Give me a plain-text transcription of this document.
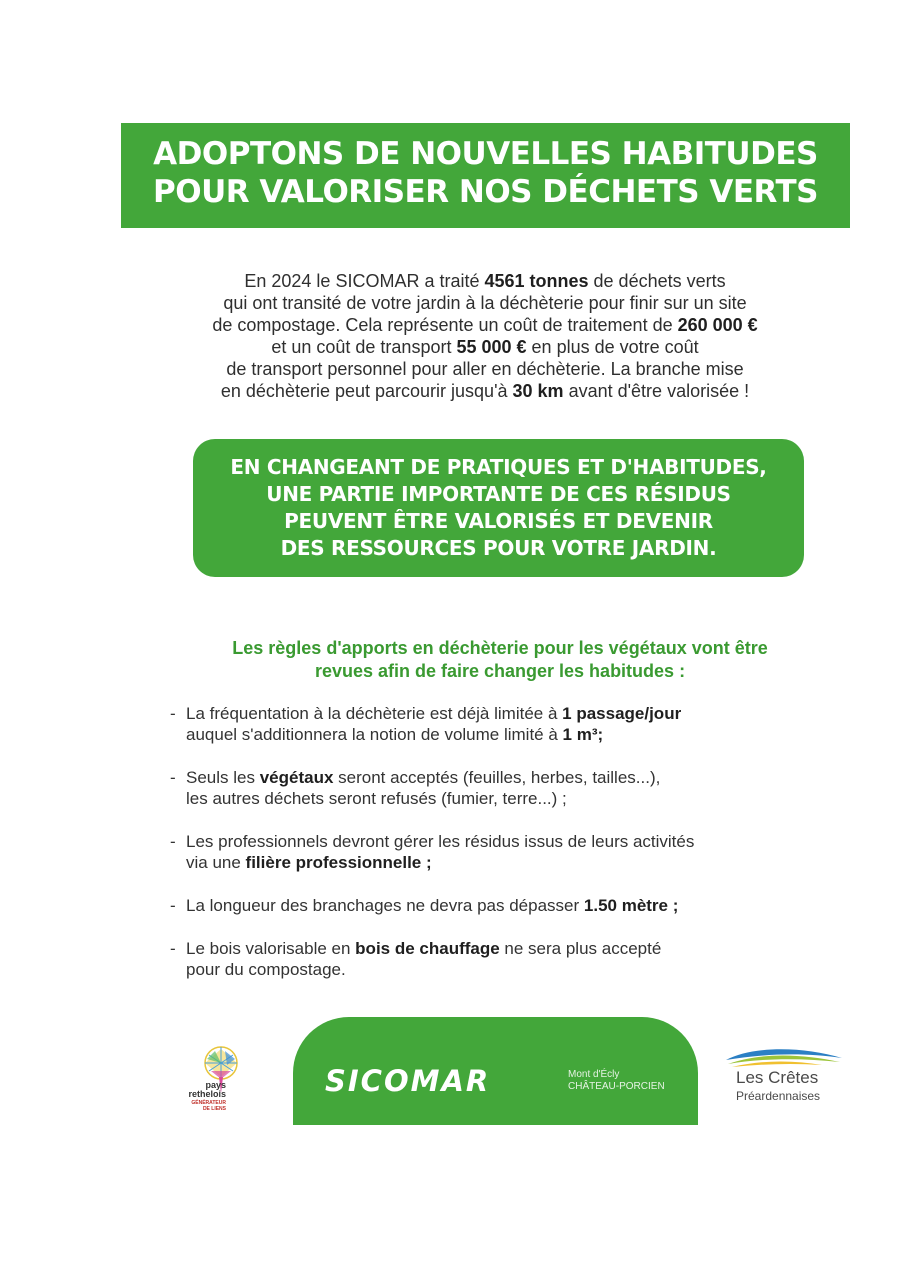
ADOPTONS DE NOUVELLES HABITUDES
POUR VALORISER NOS DÉCHETS VERTS
En 2024 le SICOMAR a traité 4561 tonnes de déchets verts
qui ont transité de votre jardin à la déchèterie pour finir sur un site
de compostage. Cela représente un coût de traitement de 260 000 €
et un coût de transport 55 000 € en plus de votre coût
de transport personnel pour aller en déchèterie. La branche mise
en déchèterie peut parcourir jusqu'à 30 km avant d'être valorisée !
EN CHANGEANT DE PRATIQUES ET D'HABITUDES,
UNE PARTIE IMPORTANTE DE CES RÉSIDUS
PEUVENT ÊTRE VALORISÉS ET DEVENIR
DES RESSOURCES POUR VOTRE JARDIN.
Les règles d'apports en déchèterie pour les végétaux vont être
revues afin de faire changer les habitudes :
- La fréquentation à la déchèterie est déjà limitée à 1 passage/jour
auquel s'additionnera la notion de volume limité à 1 m³;
- Seuls les végétaux seront acceptés (feuilles, herbes, tailles...),
les autres déchets seront refusés (fumier, terre...) ;
- Les professionnels devront gérer les résidus issus de leurs activités
via une filière professionnelle ;
- La longueur des branchages ne devra pas dépasser 1.50 mètre ;
- Le bois valorisable en bois de chauffage ne sera plus accepté
pour du compostage.
pays
rethelois
GÉNÉRATEUR
DE LIENS
SICOMAR	Mont d'Écly
CHÂTEAU-PORCIEN	Les Crêtes
Préardennaises
